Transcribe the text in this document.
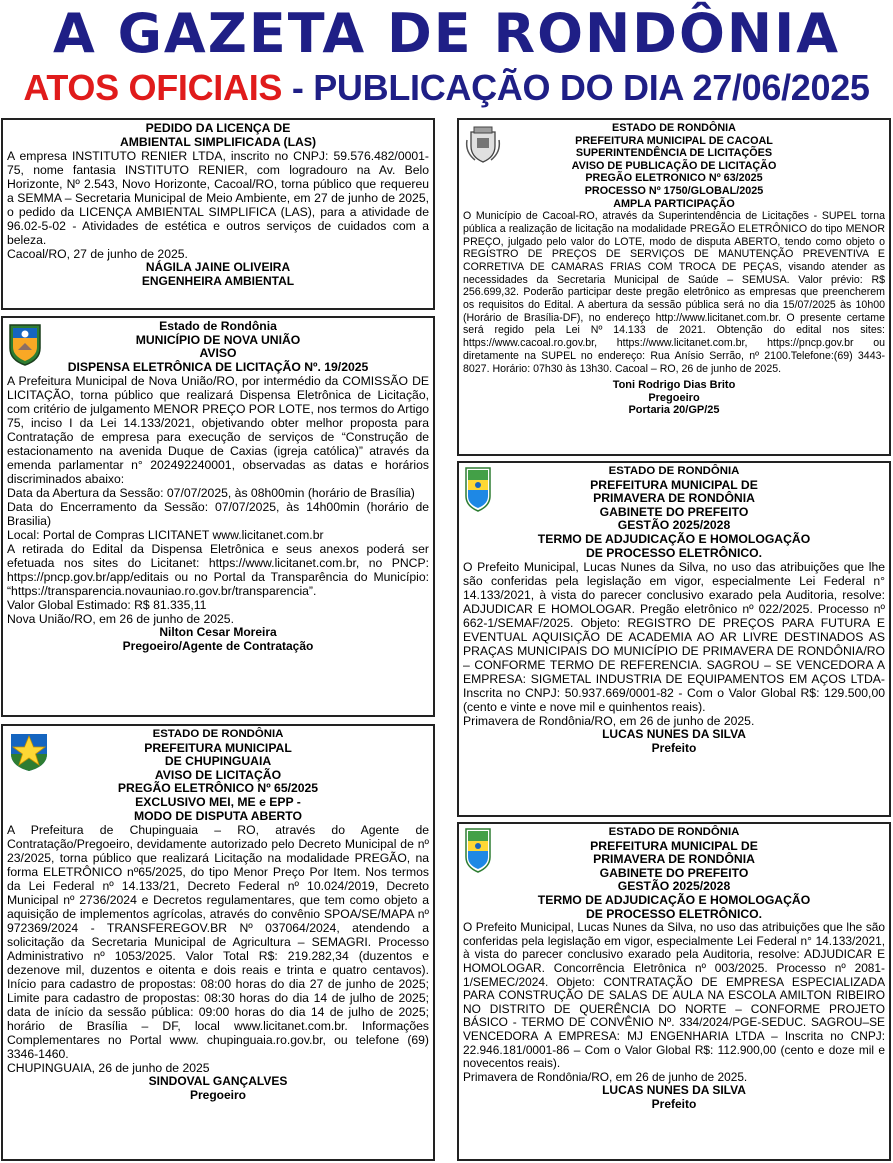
A GAZETA DE RONDÔNIA
ATOS OFICIAIS - PUBLICAÇÃO DO DIA 27/06/2025
PEDIDO DA LICENÇA DE
AMBIENTAL SIMPLIFICADA (LAS)

A empresa INSTITUTO RENIER LTDA, inscrito no CNPJ: 59.576.482/0001-75, nome fantasia INSTITUTO RENIER, com logradouro na Av. Belo Horizonte, Nº 2.543, Novo Horizonte, Cacoal/RO, torna público que requereu a SEMMA – Secretaria Municipal de Meio Ambiente, em 27 de junho de 2025, o pedido da LICENÇA AMBIENTAL SIMPLIFICA (LAS), para a atividade de 96.02-5-02 - Atividades de estética e outros serviços de cuidados com a beleza.

Cacoal/RO, 27 de junho de 2025.

NÁGILA JAINE OLIVEIRA
ENGENHEIRA AMBIENTAL
Estado de Rondônia
MUNICÍPIO DE NOVA UNIÃO
AVISO
DISPENSA ELETRÔNICA DE LICITAÇÃO Nº. 19/2025

A Prefeitura Municipal de Nova União/RO, por intermédio da COMISSÃO DE LICITAÇÃO, torna público que realizará Dispensa Eletrônica de Licitação, com critério de julgamento MENOR PREÇO POR LOTE, nos termos do Artigo 75, inciso I da Lei 14.133/2021, objetivando obter melhor proposta para Contratação de empresa para execução de serviços de “Construção de estacionamento na avenida Duque de Caxias (igreja católica)” através da emenda parlamentar n° 202492240001, observadas as datas e horários discriminados abaixo:

Data da Abertura da Sessão: 07/07/2025, às 08h00min (horário de Brasília)

Data do Encerramento da Sessão: 07/07/2025, às 14h00min (horário de Brasilia)

Local: Portal de Compras LICITANET www.licitanet.com.br

A retirada do Edital da Dispensa Eletrônica e seus anexos poderá ser efetuada nos sites do Licitanet: https://www.licitanet.com.br, no PNCP: https://pncp.gov.br/app/editais ou no Portal da Transparência do Município: “https://transparencia.novauniao.ro.gov.br/transparencia”.

Valor Global Estimado: R$ 81.335,11

Nova União/RO, em 26 de junho de 2025.

Nilton Cesar Moreira
Pregoeiro/Agente de Contratação
ESTADO DE RONDÔNIA
PREFEITURA MUNICIPAL
DE CHUPINGUAIA
AVISO DE LICITAÇÃO
PREGÃO ELETRÔNICO Nº 65/2025
EXCLUSIVO MEI, ME e EPP -
MODO DE DISPUTA ABERTO

A Prefeitura de Chupinguaia – RO, através do Agente de Contratação/Pregoeiro, devidamente autorizado pelo Decreto Municipal de nº 23/2025, torna público que realizará Licitação na modalidade PREGÃO, na forma ELETRÔNICO nº65/2025, do tipo Menor Preço Por Item. Nos termos da Lei Federal nº 14.133/21, Decreto Federal nº 10.024/2019, Decreto Municipal nº 2736/2024 e Decretos regulamentares, que tem como objeto a aquisição de implementos agrícolas, através do convênio SPOA/SE/MAPA nº 972369/2024 - TRANSFEREGOV.BR Nº 037064/2024, atendendo a solicitação da Secretaria Municipal de Agricultura – SEMAGRI. Processo Administrativo nº 1053/2025. Valor Total R$: 219.282,34 (duzentos e dezenove mil, duzentos e oitenta e dois reais e trinta e quatro centavos). Início para cadastro de propostas: 08:00 horas do dia 27 de junho de 2025; Limite para cadastro de propostas: 08:30 horas do dia 14 de julho de 2025; data de início da sessão pública: 09:00 horas do dia 14 de julho de 2025; horário de Brasília – DF, local www.licitanet.com.br. Informações Complementares no Portal www. chupinguaia.ro.gov.br, ou telefone (69) 3346-1460.

CHUPINGUAIA, 26 de junho de 2025

SINDOVAL GANÇALVES
Pregoeiro
ESTADO DE RONDÔNIA
PREFEITURA MUNICIPAL DE CACOAL
SUPERINTENDÊNCIA DE LICITAÇÕES
AVISO DE PUBLICAÇÃO DE LICITAÇÃO
PREGÃO ELETRONICO Nº 63/2025
PROCESSO Nº 1750/GLOBAL/2025
AMPLA PARTICIPAÇÃO

O Município de Cacoal-RO, através da Superintendência de Licitações - SUPEL torna pública a realização de licitação na modalidade PREGÃO ELETRÔNICO do tipo MENOR PREÇO, julgado pelo valor do LOTE, modo de disputa ABERTO, tendo como objeto o REGISTRO DE PREÇOS DE SERVIÇOS DE MANUTENÇÃO PREVENTIVA E CORRETIVA DE CAMARAS FRIAS COM TROCA DE PEÇAS, visando atender as necessidades da Secretaria Municipal de Saúde – SEMUSA. Valor prévio: R$ 256.699,32. Poderão participar deste pregão eletrônico as empresas que preencherem os requisitos do Edital. A abertura da sessão pública será no dia 15/07/2025 às 10h00 (Horário de Brasília-DF), no endereço http://www.licitanet.com.br. O presente certame será regido pela Lei Nº 14.133 de 2021. Obtenção do edital nos sites: https://www.cacoal.ro.gov.br, https://www.licitanet.com.br, https://pncp.gov.br ou diretamente na SUPEL no endereço: Rua Anísio Serrão, nº 2100.Telefone:(69) 3443-8027. Horário: 07h30 às 13h30. Cacoal – RO, 26 de junho de 2025.

Toni Rodrigo Dias Brito
Pregoeiro
Portaria 20/GP/25
ESTADO DE RONDÔNIA
PREFEITURA MUNICIPAL DE
PRIMAVERA DE RONDÔNIA
GABINETE DO PREFEITO
GESTÃO 2025/2028
TERMO DE ADJUDICAÇÃO E HOMOLOGAÇÃO
DE PROCESSO ELETRÔNICO.

O Prefeito Municipal, Lucas Nunes da Silva, no uso das atribuições que lhe são conferidas pela legislação em vigor, especialmente Lei Federal n° 14.133/2021, à vista do parecer conclusivo exarado pela Auditoria, resolve: ADJUDICAR E HOMOLOGAR. Pregão eletrônico nº 022/2025. Processo nº 662-1/SEMAF/2025. Objeto: REGISTRO DE PREÇOS PARA FUTURA E EVENTUAL AQUISIÇÃO DE ACADEMIA AO AR LIVRE DESTINADOS AS PRAÇAS MUNICIPAIS DO MUNICÍPIO DE PRIMAVERA DE RONDÔNIA/RO – CONFORME TERMO DE REFERENCIA. SAGROU – SE VENCEDORA A EMPRESA: SIGMETAL INDUSTRIA DE EQUIPAMENTOS EM AÇOS LTDA- Inscrita no CNPJ: 50.937.669/0001-82 - Com o Valor Global R$: 129.500,00 (cento e vinte e nove mil e quinhentos reais).

Primavera de Rondônia/RO, em 26 de junho de 2025.

LUCAS NUNES DA SILVA
Prefeito
ESTADO DE RONDÔNIA
PREFEITURA MUNICIPAL DE
PRIMAVERA DE RONDÔNIA
GABINETE DO PREFEITO
GESTÃO 2025/2028
TERMO DE ADJUDICAÇÃO E HOMOLOGAÇÃO
DE PROCESSO ELETRÔNICO.

O Prefeito Municipal, Lucas Nunes da Silva, no uso das atribuições que lhe são conferidas pela legislação em vigor, especialmente Lei Federal n° 14.133/2021, à vista do parecer conclusivo exarado pela Auditoria, resolve: ADJUDICAR E HOMOLOGAR. Concorrência Eletrônica nº 003/2025. Processo nº 2081-1/SEMEC/2024. Objeto: CONTRATAÇÃO DE EMPRESA ESPECIALIZADA PARA CONSTRUÇÃO DE SALAS DE AULA NA ESCOLA AMILTON RIBEIRO NO DISTRITO DE QUERÊNCIA DO NORTE – CONFORME PROJETO BÁSICO - TERMO DE CONVÊNIO Nº. 334/2024/PGE-SEDUC. SAGROU–SE VENCEDORA A EMPRESA: MJ ENGENHARIA LTDA – Inscrita no CNPJ: 22.946.181/0001-86 – Com o Valor Global R$: 112.900,00 (cento e doze mil e novecentos reais).

Primavera de Rondônia/RO, em 26 de junho de 2025.

LUCAS NUNES DA SILVA
Prefeito
